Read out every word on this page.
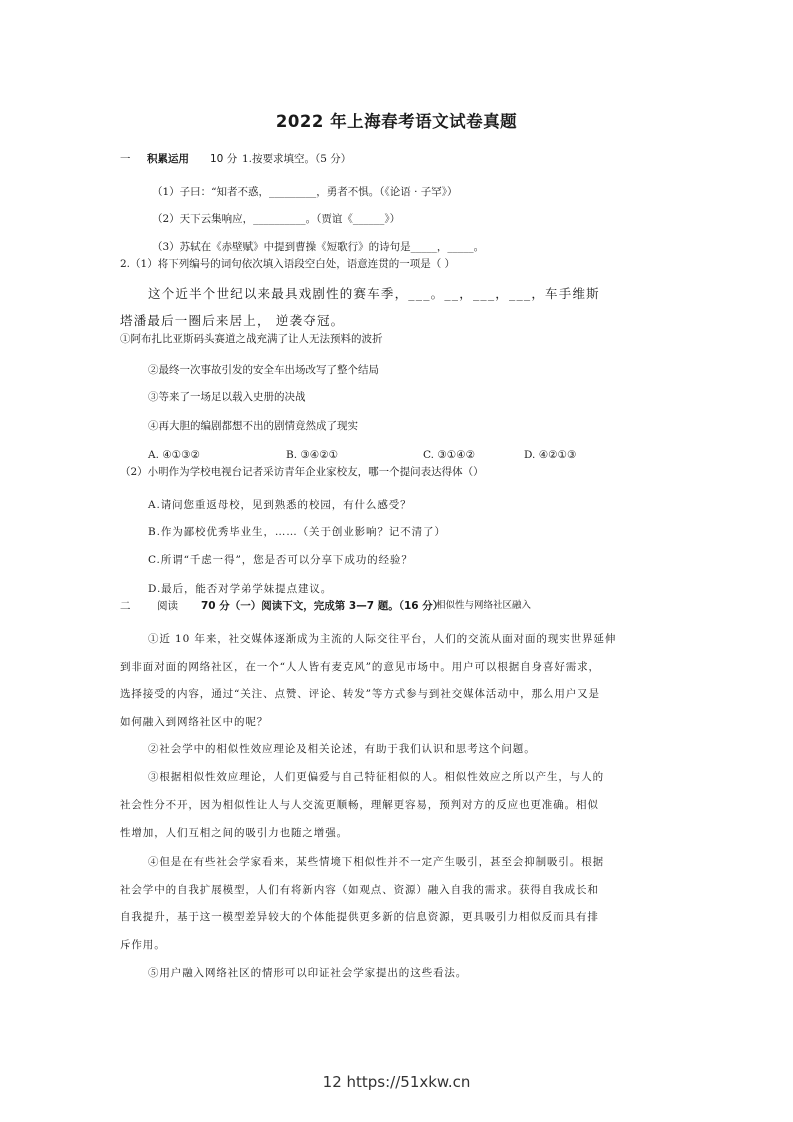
2022 年上海春考语文试卷真题
一 积累运用 10 分 1.按要求填空。（5 分）
（1）子曰：“知者不惑，_________，勇者不惧。（《论语 · 子罕》）
（2）天下云集响应，__________。（贾谊《______》）
（3）苏轼在《赤壁赋》中提到曹操《短歌行》的诗句是_____，_____。
2.（1）将下列编号的词句依次填入语段空白处，语意连贯的一项是（ ）
这个近半个世纪以来最具戏剧性的赛车季，___。__，___，___，车手维斯
塔潘最后一圈后来居上， 逆袭夺冠。
①阿布扎比亚斯码头赛道之战充满了让人无法预料的波折
②最终一次事故引发的安全车出场改写了整个结局
③等来了一场足以载入史册的决战
④再大胆的编剧都想不出的剧情竟然成了现实
A. ④①③②	B. ③④②①	C. ③①④②	D. ④②①③
（2）小明作为学校电视台记者采访青年企业家校友，哪一个提问表达得体（）
A.请问您重返母校，见到熟悉的校园，有什么感受？
B.作为鄙校优秀毕业生，……（关于创业影响？记不清了）
C.所谓“千虑一得”，您是否可以分享下成功的经验？
D.最后，能否对学弟学妹提点建议。
二	阅读 70 分（一）阅读下文，完成第 3—7 题。（16 分）
相似性与网络社区融入
①近 10 年来，社交媒体逐渐成为主流的人际交往平台，人们的交流从面对面的现实世界延伸
到非面对面的网络社区，在一个“人人皆有麦克风”的意见市场中。用户可以根据自身喜好需求，
选择接受的内容，通过“关注、点赞、评论、转发”等方式参与到社交媒体活动中，那么用户又是
如何融入到网络社区中的呢？
②社会学中的相似性效应理论及相关论述，有助于我们认识和思考这个问题。
③根据相似性效应理论，人们更偏爱与自己特征相似的人。相似性效应之所以产生，与人的
社会性分不开，因为相似性让人与人交流更顺畅，理解更容易，预判对方的反应也更准确。相似
性增加，人们互相之间的吸引力也随之增强。
④但是在有些社会学家看来，某些情境下相似性并不一定产生吸引，甚至会抑制吸引。根据
社会学中的自我扩展模型，人们有将新内容（如观点、资源）融入自我的需求。获得自我成长和
自我提升，基于这一模型差异较大的个体能提供更多新的信息资源，更具吸引力相似反而具有排
斥作用。
⑤用户融入网络社区的情形可以印证社会学家提出的这些看法。
12 https://51xkw.cn
